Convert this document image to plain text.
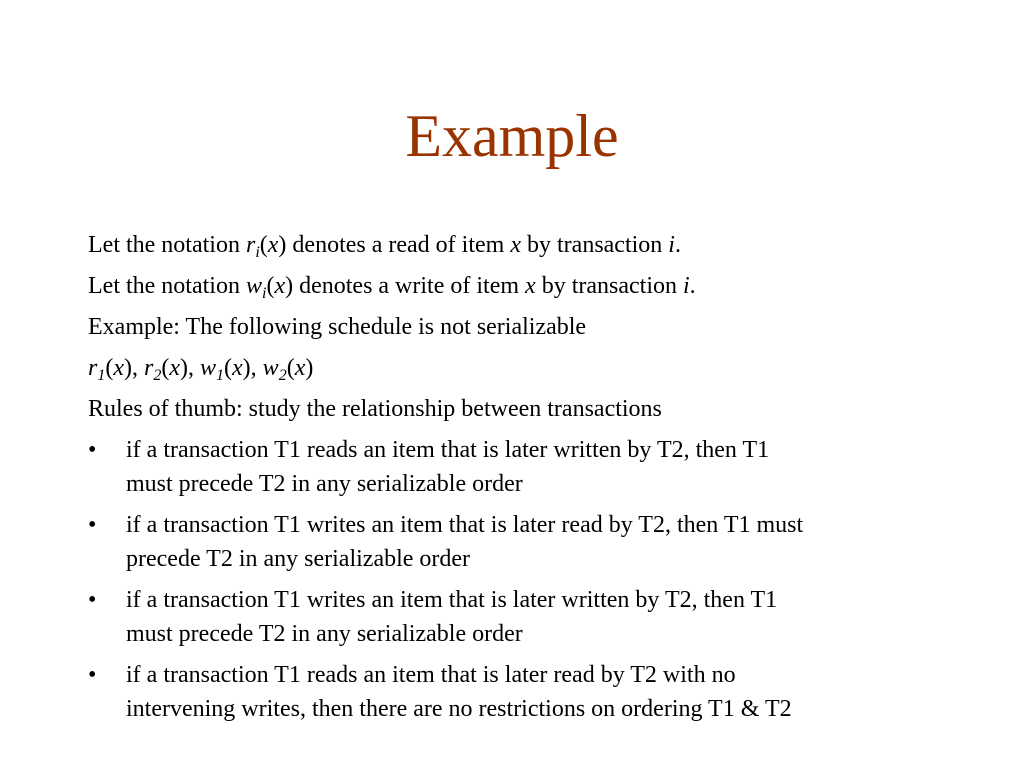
Example
Let the notation $r_i(x)$ denotes a read of item x by transaction i.
Let the notation $w_i(x)$ denotes a write of item x by transaction i.
Example: The following schedule is not serializable
$r_1(x)$, $r_2(x)$, $w_1(x)$, $w_2(x)$
Rules of thumb: study the relationship between transactions
•	if a transaction T1 reads an item that is later written by T2, then T1
must precede T2 in any serializable order
•	if a transaction T1 writes an item that is later read by T2, then T1 must
precede T2 in any serializable order
•	if a transaction T1 writes an item that is later written by T2, then T1
must precede T2 in any serializable order
•	if a transaction T1 reads an item that is later read by T2 with no
intervening writes, then there are no restrictions on ordering T1 & T2
